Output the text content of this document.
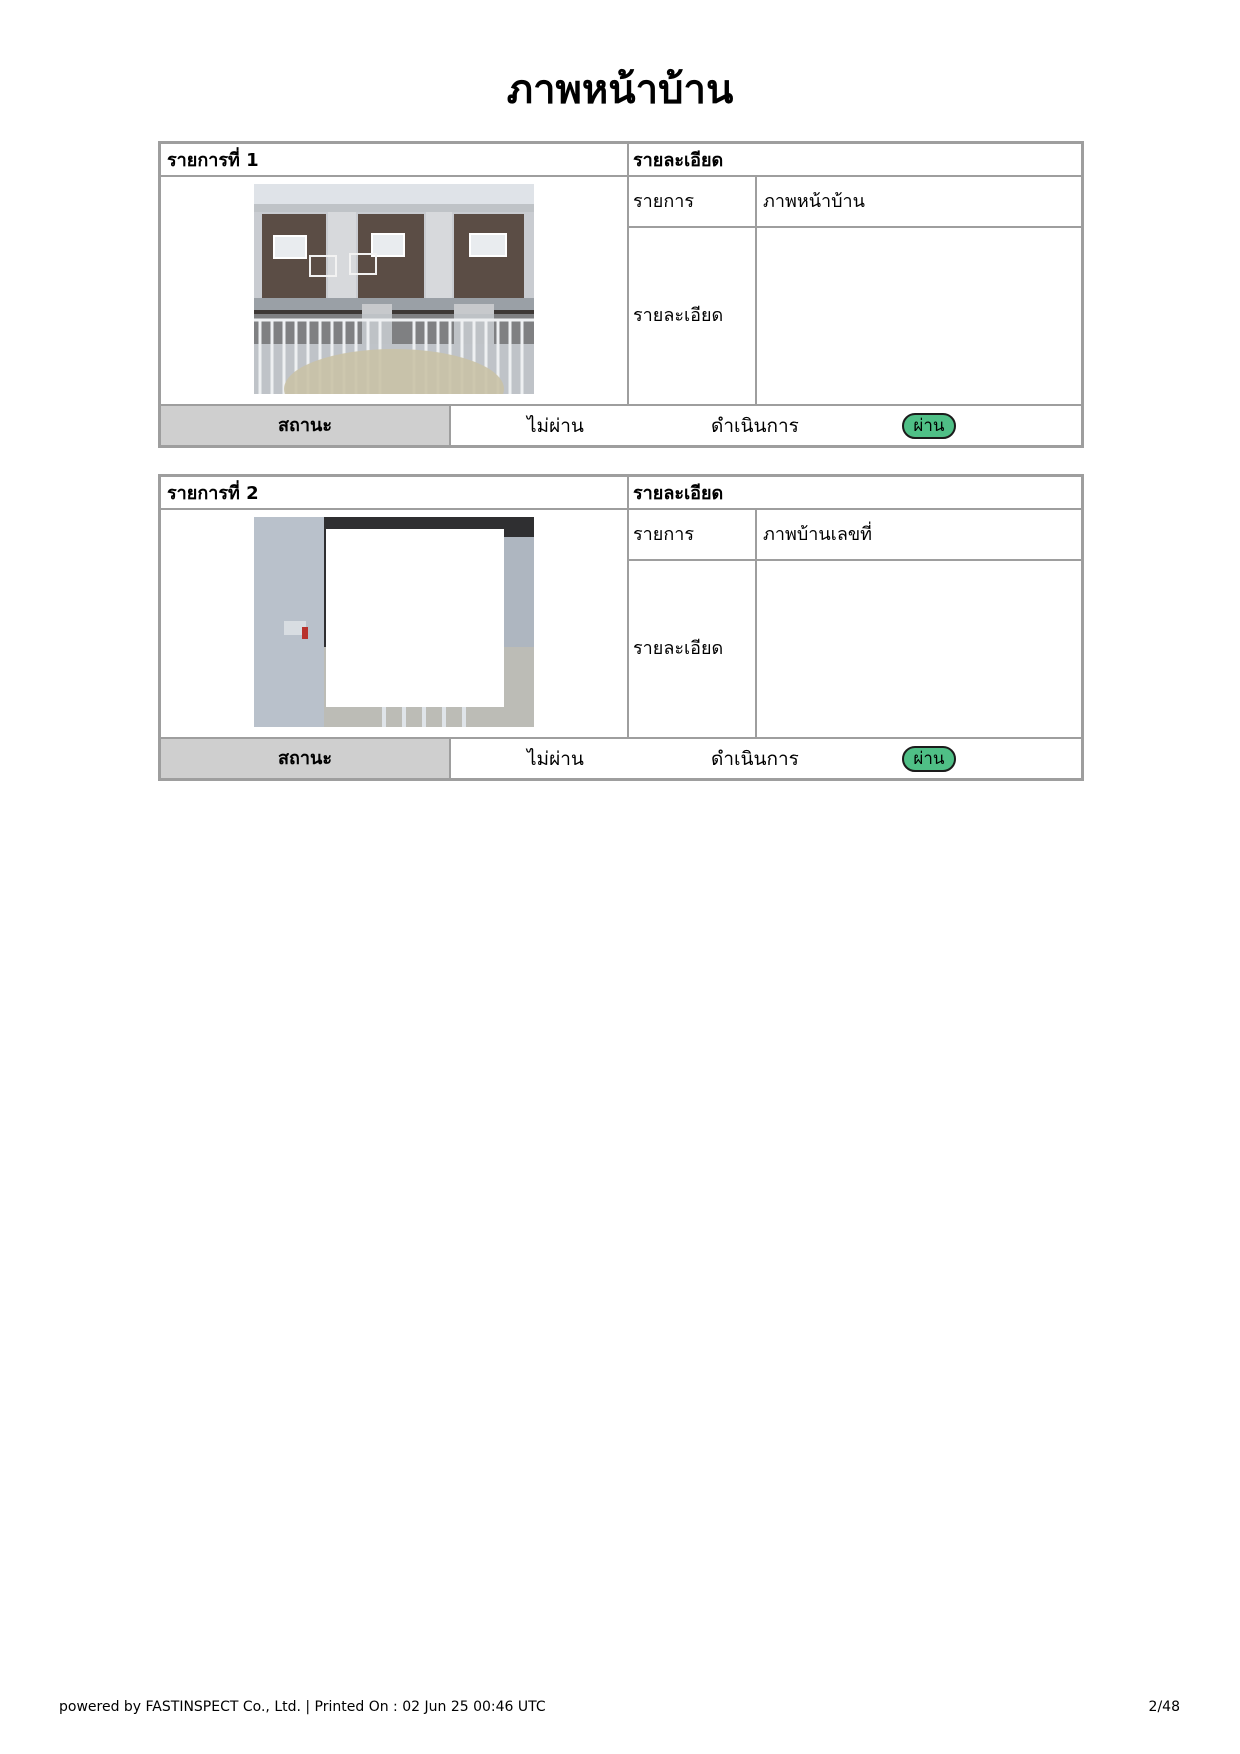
ภาพหน้าบ้าน
รายการที่ 1	รายละเอียด
รายการ	ภาพหน้าบ้าน
รายละเอียด
สถานะ	ไม่ผ่าน	ดำเนินการ	ผ่าน
รายการที่ 2	รายละเอียด
รายการ	ภาพบ้านเลขที่
รายละเอียด
สถานะ	ไม่ผ่าน	ดำเนินการ	ผ่าน
powered by FASTINSPECT Co., Ltd. | Printed On : 02 Jun 25 00:46 UTC	2/48
